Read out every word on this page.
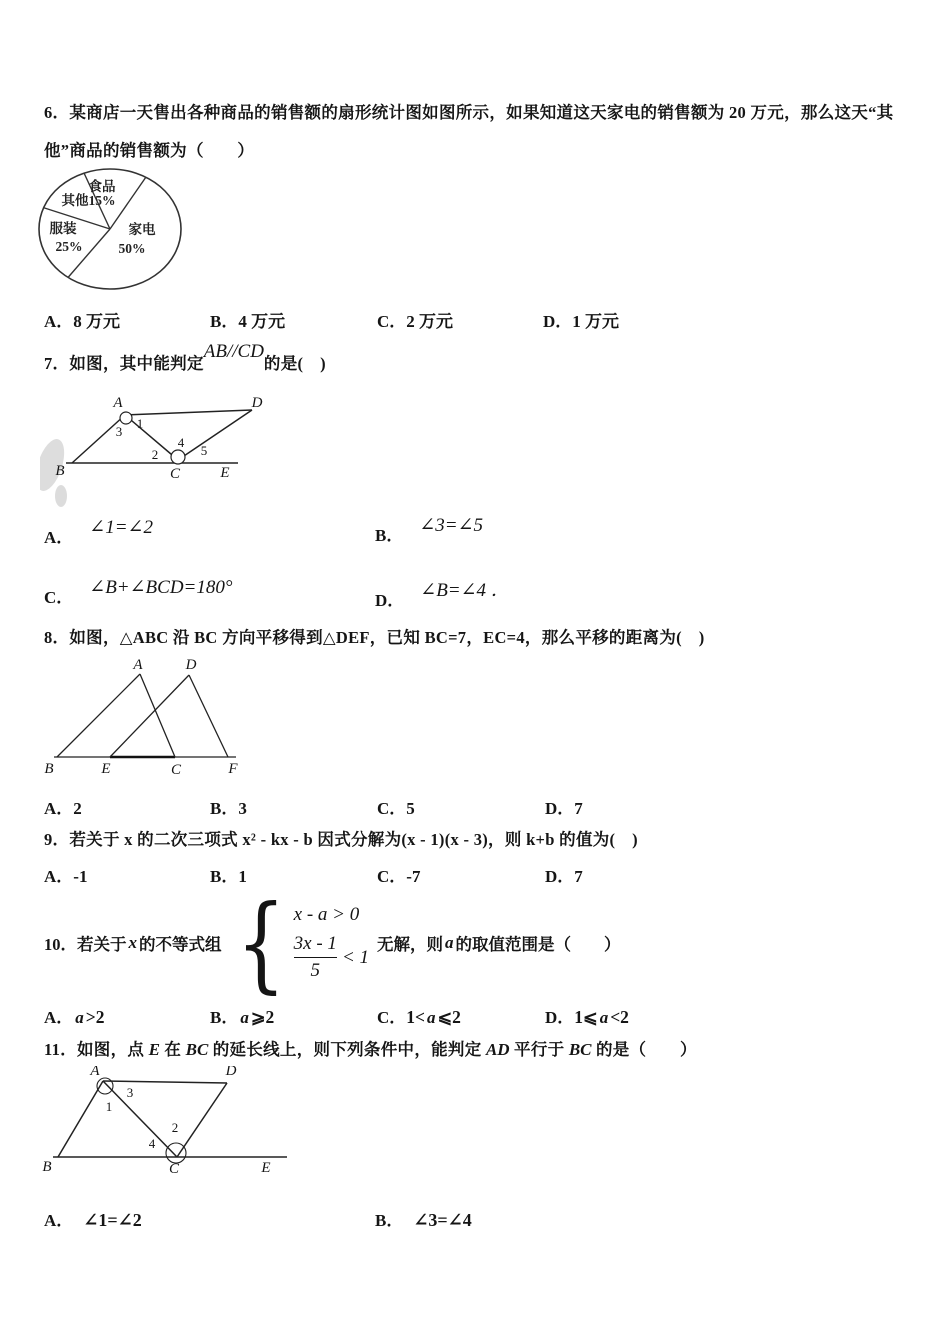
6．某商店一天售出各种商品的销售额的扇形统计图如图所示，如果知道这天家电的销售额为 20 万元，那么这天“其
他”商品的销售额为（　　）
食品
15%
其他
服装
25%
家电
50%
A．8 万元	B．4 万元	C．2 万元	D．1 万元
7．如图，其中能判定AB//CD的是(　)
A	D
B	C	E
1
3
2
4
5
A． ∠1=∠2	B． ∠3=∠5
C． ∠B+∠BCD=180°
D． ∠B=∠4 ．
8．如图，△ABC 沿 BC 方向平移得到△DEF，已知 BC=7，EC=4，那么平移的距离为(　)
A	D
B	E	C	F
A．2	B．3	C．5	D．7
9．若关于 x 的二次三项式 x² - kx - b 因式分解为(x - 1)(x - 3)，则 k+b 的值为(　)
A．-1	B．1	C．-7	D．7
10．若关于 x 的不等式组 { x - a > 0
$\frac{3x - 1}{5} < 1$
无解，则 a 的取值范围是（　　）
A． a >2	B． a ⩾2	C．1< a ⩽2	D．1⩽ a <2
11．如图，点 E 在 BC 的延长线上，则下列条件中，能判定 AD 平行于 BC 的是（　　）
A	D
B	C	E
1
3
2
4
A． ∠1=∠2	B． ∠3=∠4
